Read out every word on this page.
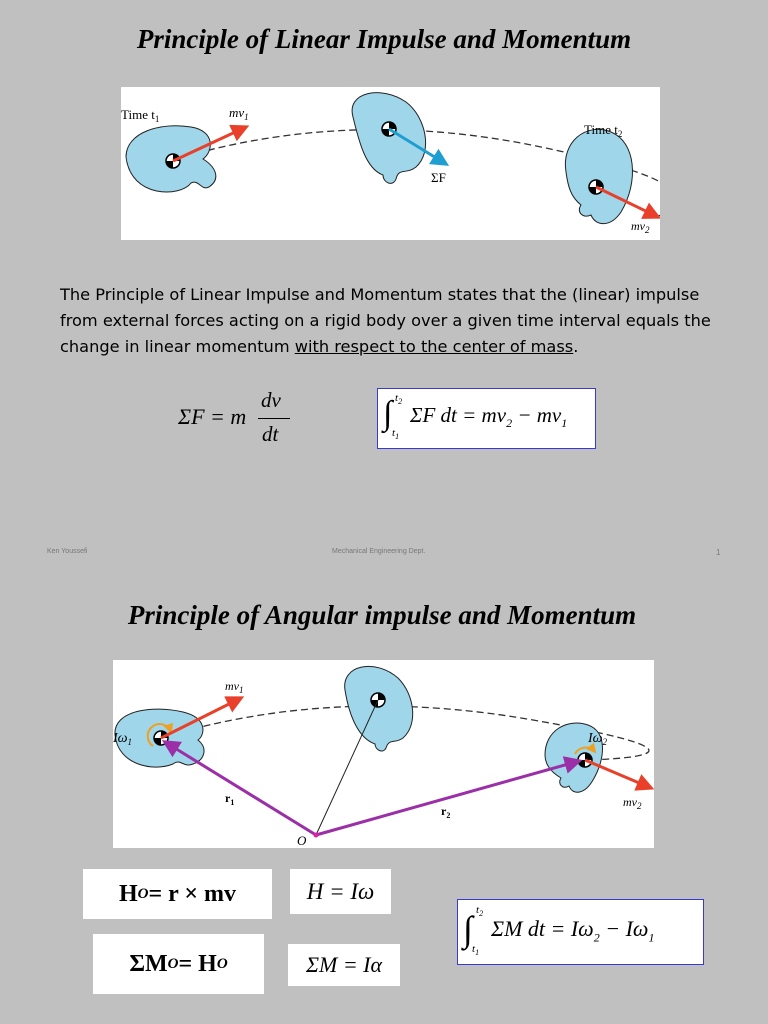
Principle of Linear Impulse and Momentum
Time $t_1$	$mv_1$
ΣF
Time $t_2$
$mv_2$
The Principle of Linear Impulse and Momentum states that the (linear) impulse from external forces acting on a rigid body over a given time interval equals the change in linear momentum with respect to the center of mass.
ΣF = m
dv
dt
∫ $t_2$
$t_1$
ΣF dt = $mv_2 - mv_1$
Ken Youssefi	Mechanical Engineering Dept.	1
Principle of Angular impulse and Momentum
$mv_1$
$I\omega_1$	$I\omega_2$
$mv_2$
$r_1$
$r_2$
O
H O = r × mv	H = Iω
ΣM O = H O	ΣM = Iα
∫ $t_2$
$t_1$
ΣM dt = $I\omega_2 - I\omega_1$
